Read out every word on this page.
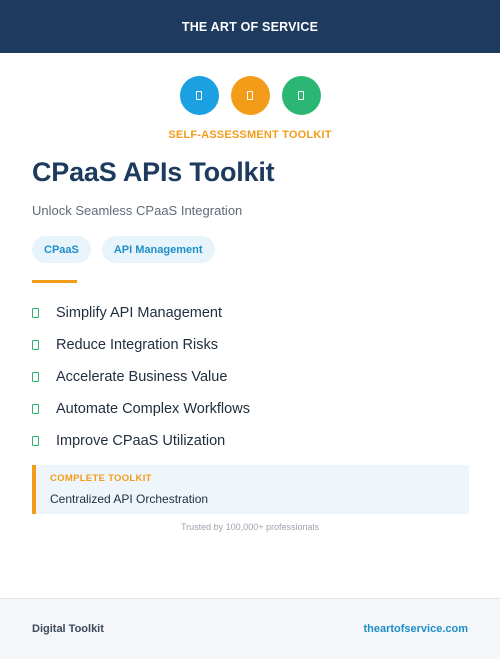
THE ART OF SERVICE
SELF-ASSESSMENT TOOLKIT
CPaaS APIs Toolkit

Unlock Seamless CPaaS Integration

CPaaS	API Management
Simplify API Management
Reduce Integration Risks
Accelerate Business Value
Automate Complex Workflows
Improve CPaaS Utilization
COMPLETE TOOLKIT
Centralized API Orchestration
Trusted by 100,000+ professionals
Digital Toolkit	theartofservice.com
